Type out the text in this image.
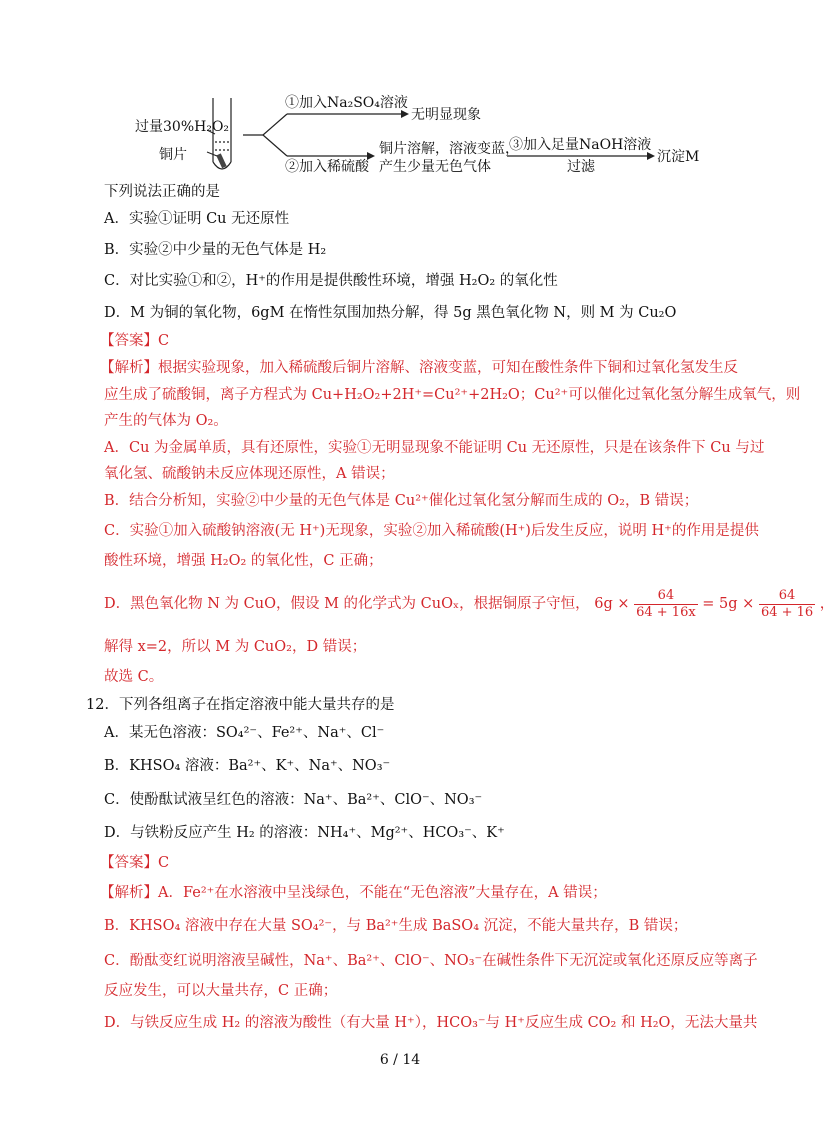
过量30%H₂O₂
铜片
①加入Na₂SO₄溶液
无明显现象
②加入稀硫酸
铜片溶解，溶液变蓝，
产生少量无色气体
③加入足量NaOH溶液
过滤
沉淀M
下列说法正确的是
A．实验①证明 Cu 无还原性
B．实验②中少量的无色气体是 H₂
C．对比实验①和②，H⁺的作用是提供酸性环境，增强 H₂O₂ 的氧化性
D．M 为铜的氧化物，6gM 在惰性氛围加热分解，得 5g 黑色氧化物 N，则 M 为 Cu₂O
【答案】C
【解析】根据实验现象，加入稀硫酸后铜片溶解、溶液变蓝，可知在酸性条件下铜和过氧化氢发生反
应生成了硫酸铜，离子方程式为 Cu+H₂O₂+2H⁺=Cu²⁺+2H₂O；Cu²⁺可以催化过氧化氢分解生成氧气，则
产生的气体为 O₂。
A．Cu 为金属单质，具有还原性，实验①无明显现象不能证明 Cu 无还原性，只是在该条件下 Cu 与过
氧化氢、硫酸钠未反应体现还原性，A 错误；
B．结合分析知，实验②中少量的无色气体是 Cu²⁺催化过氧化氢分解而生成的 O₂，B 错误；
C．实验①加入硫酸钠溶液(无 H⁺)无现象，实验②加入稀硫酸(H⁺)后发生反应，说明 H⁺的作用是提供
酸性环境，增强 H₂O₂ 的氧化性，C 正确；
D．黑色氧化物 N 为 CuO，假设 M 的化学式为 CuOₓ，根据铜原子守恒， $6g \times \frac{64}{64 + 16x} = 5g \times \frac{64}{64 + 16}$ ，
解得 x=2，所以 M 为 CuO₂，D 错误；
故选 C。
12．下列各组离子在指定溶液中能大量共存的是
A．某无色溶液：SO₄²⁻、Fe²⁺、Na⁺、Cl⁻
B．KHSO₄ 溶液：Ba²⁺、K⁺、Na⁺、NO₃⁻
C．使酚酞试液呈红色的溶液：Na⁺、Ba²⁺、ClO⁻、NO₃⁻
D．与铁粉反应产生 H₂ 的溶液：NH₄⁺、Mg²⁺、HCO₃⁻、K⁺
【答案】C
【解析】A．Fe²⁺在水溶液中呈浅绿色，不能在“无色溶液”大量存在，A 错误；
B．KHSO₄ 溶液中存在大量 SO₄²⁻，与 Ba²⁺生成 BaSO₄ 沉淀，不能大量共存，B 错误；
C．酚酞变红说明溶液呈碱性，Na⁺、Ba²⁺、ClO⁻、NO₃⁻在碱性条件下无沉淀或氧化还原反应等离子
反应发生，可以大量共存，C 正确；
D．与铁反应生成 H₂ 的溶液为酸性（有大量 H⁺），HCO₃⁻与 H⁺反应生成 CO₂ 和 H₂O，无法大量共
6 / 14
